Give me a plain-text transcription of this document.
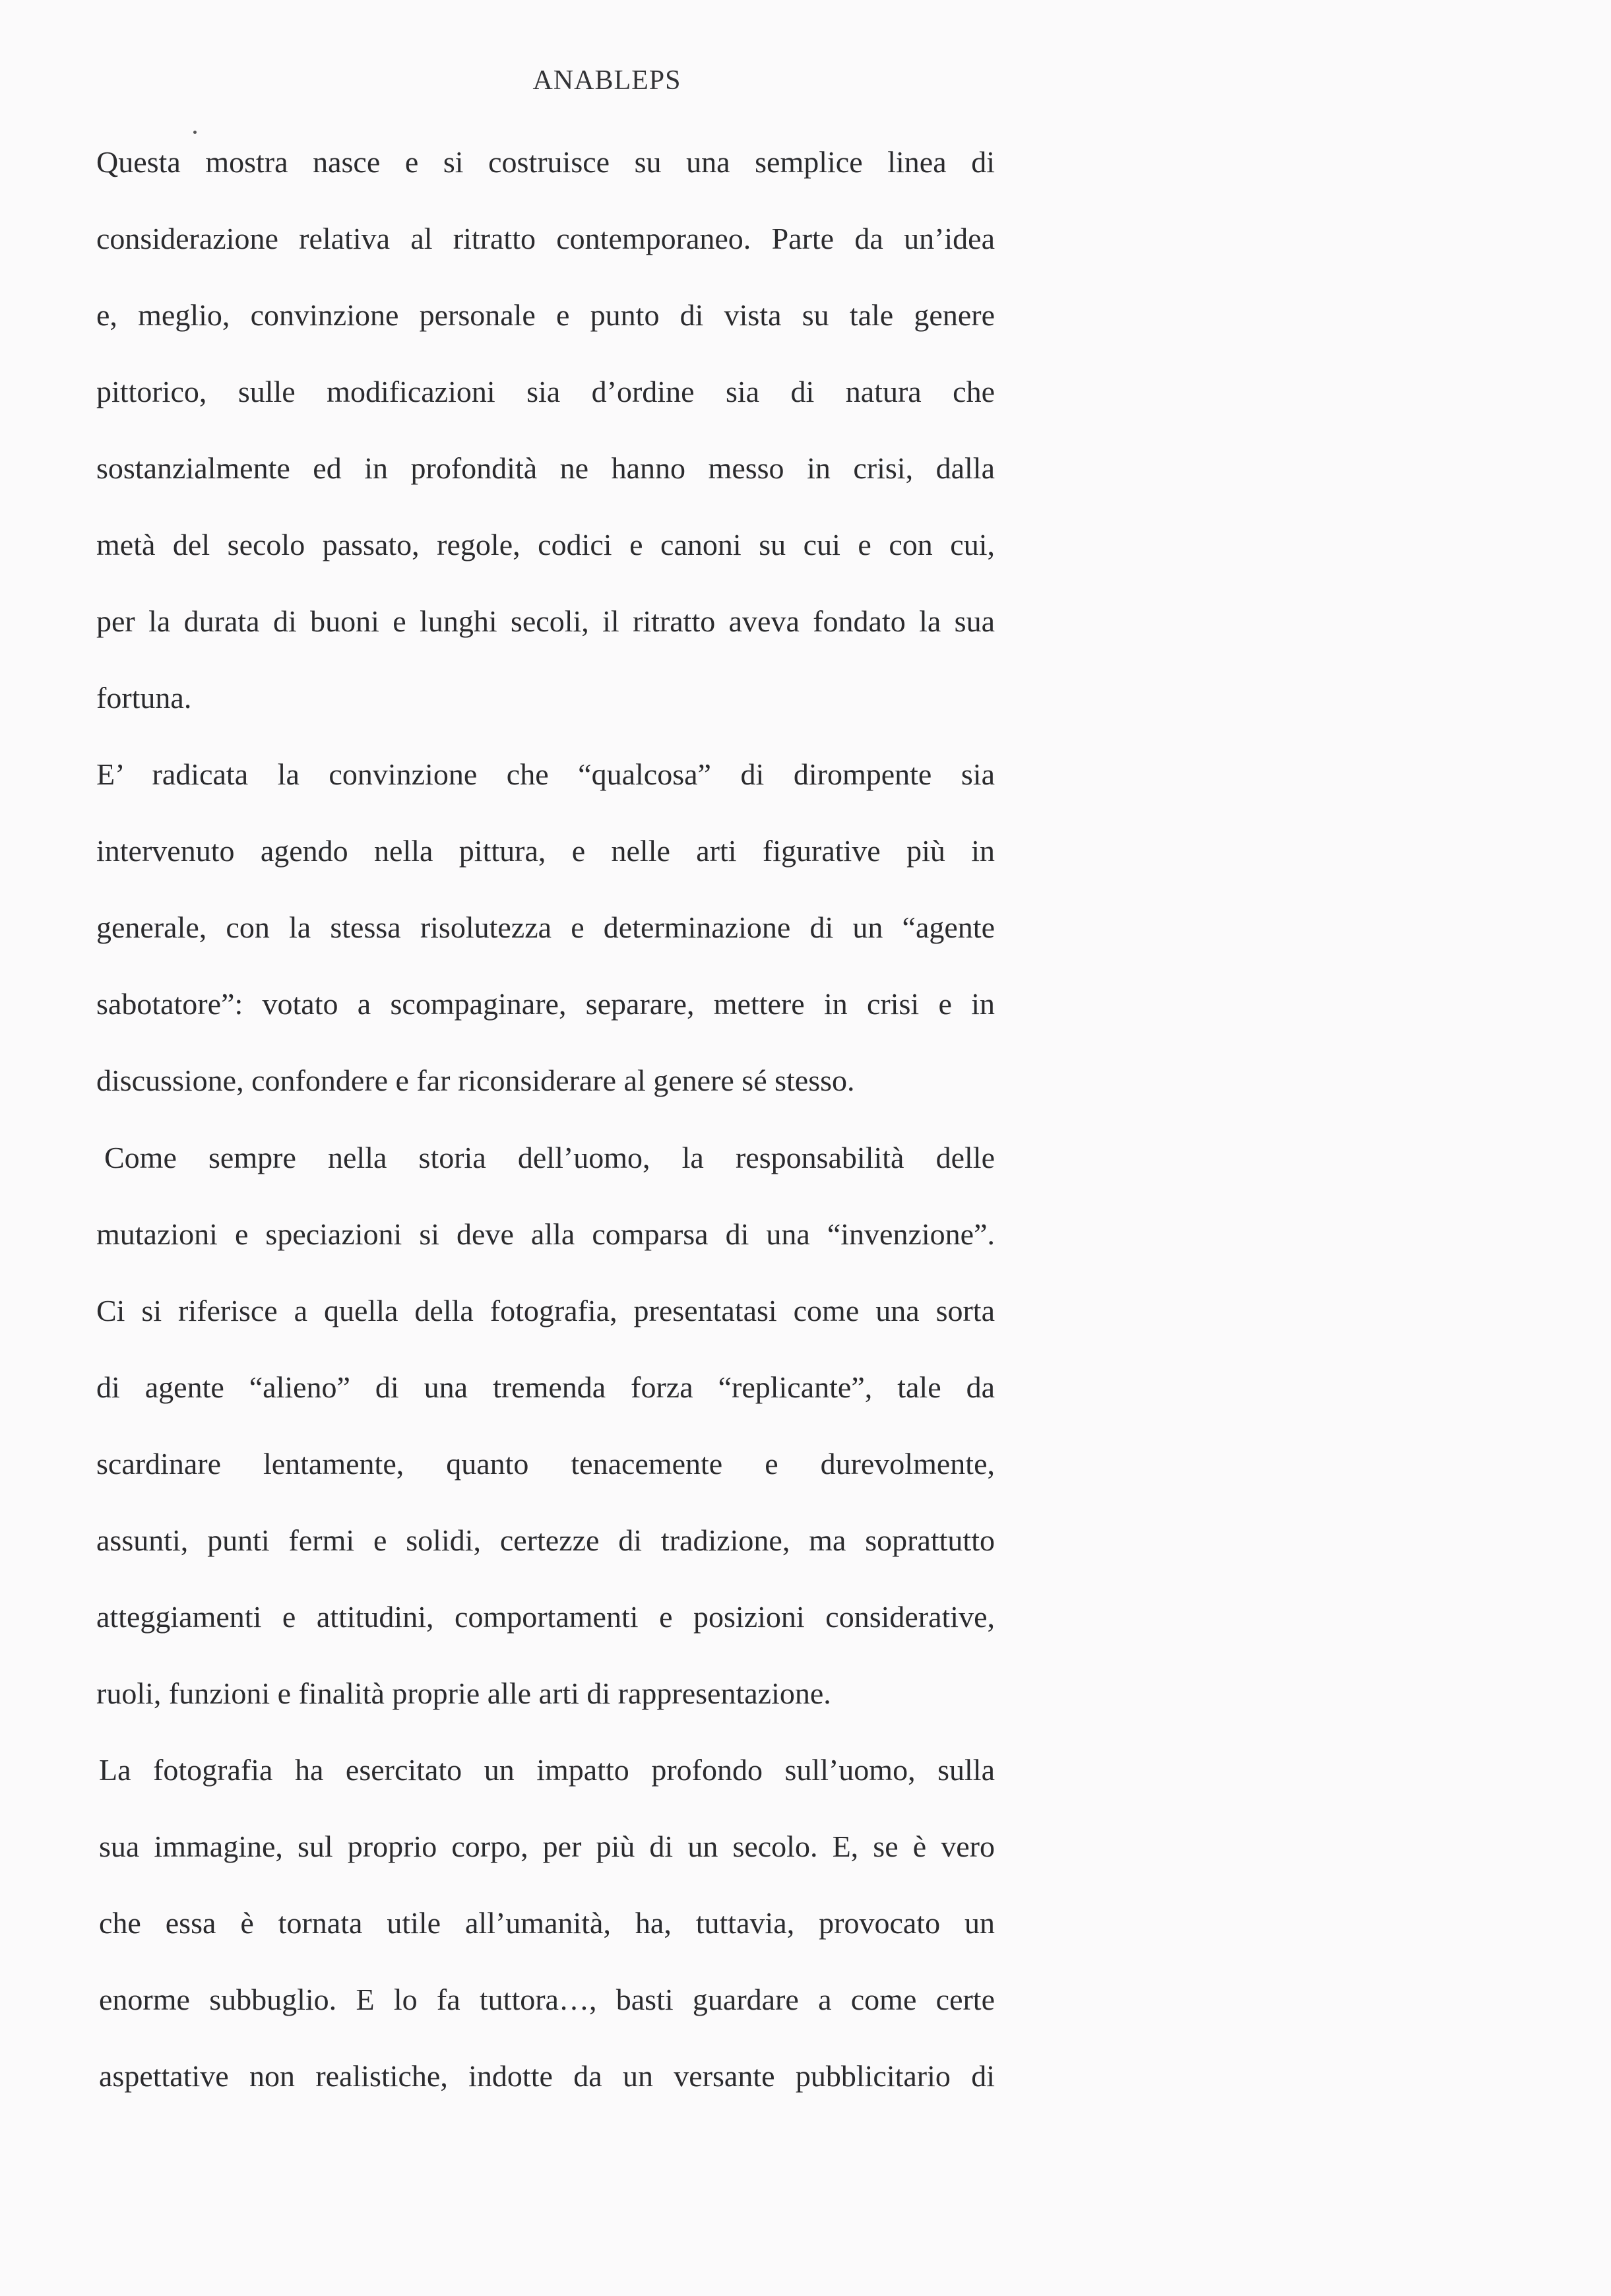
ANABLEPS
Questa mostra nasce e si costruisce su una semplice linea di
considerazione relativa al ritratto contemporaneo. Parte da un’idea
e, meglio, convinzione personale e punto di vista su tale genere
pittorico, sulle modificazioni sia d’ordine sia di natura che
sostanzialmente ed in profondità ne hanno messo in crisi, dalla
metà del secolo passato, regole, codici e canoni su cui e con cui,
per la durata di buoni e lunghi secoli, il ritratto aveva fondato la sua
fortuna.
E’ radicata la convinzione che “qualcosa” di dirompente sia
intervenuto agendo nella pittura, e nelle arti figurative più in
generale, con la stessa risolutezza e determinazione di un “agente
sabotatore”: votato a scompaginare, separare, mettere in crisi e in
discussione, confondere e far riconsiderare al genere sé stesso.
Come sempre nella storia dell’uomo, la responsabilità delle
mutazioni e speciazioni si deve alla comparsa di una “invenzione”.
Ci si riferisce a quella della fotografia, presentatasi come una sorta
di agente “alieno” di una tremenda forza “replicante”, tale da
scardinare lentamente, quanto tenacemente e durevolmente,
assunti, punti fermi e solidi, certezze di tradizione, ma soprattutto
atteggiamenti e attitudini, comportamenti e posizioni considerative,
ruoli, funzioni e finalità proprie alle arti di rappresentazione.
La fotografia ha esercitato un impatto profondo sull’uomo, sulla
sua immagine, sul proprio corpo, per più di un secolo. E, se è vero
che essa è tornata utile all’umanità, ha, tuttavia, provocato un
enorme subbuglio. E lo fa tuttora…, basti guardare a come certe
aspettative non realistiche, indotte da un versante pubblicitario di
